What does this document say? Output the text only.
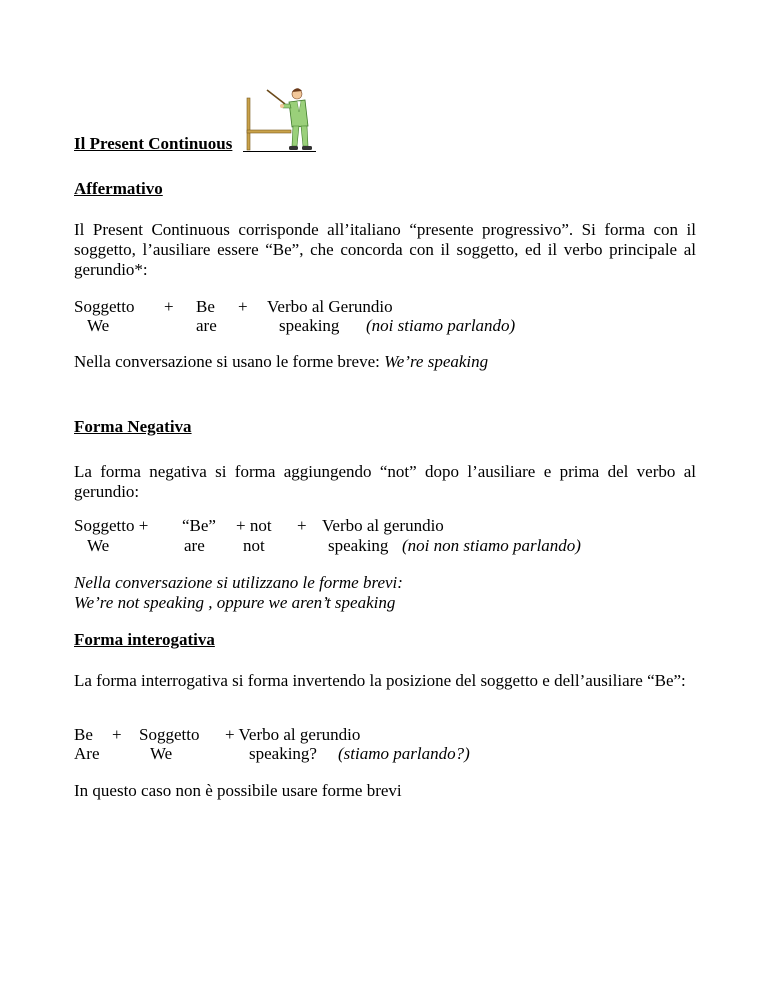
Il Present Continuous
Affermativo
Il Present Continuous corrisponde all’italiano “presente progressivo”. Si forma con il soggetto, l’ausiliare essere “Be”, che concorda con il soggetto, ed il verbo principale al gerundio*:
Soggetto + Be + Verbo al Gerundio
We	are	speaking (noi stiamo parlando)
Nella conversazione si usano le forme breve: We’re speaking
Forma Negativa
La forma negativa si forma aggiungendo “not” dopo l’ausiliare e prima del verbo al gerundio:
Soggetto + “Be” + not + Verbo al gerundio
We	are not	speaking (noi non stiamo parlando)
Nella conversazione si utilizzano le forme brevi:
We’re not speaking , oppure we aren’t speaking
Forma interogativa
La forma interrogativa si forma invertendo la posizione del soggetto e dell’ausiliare “Be”:
Be + Soggetto + Verbo al gerundio
Are	We	speaking? (stiamo parlando?)
In questo caso non è possibile usare forme brevi
